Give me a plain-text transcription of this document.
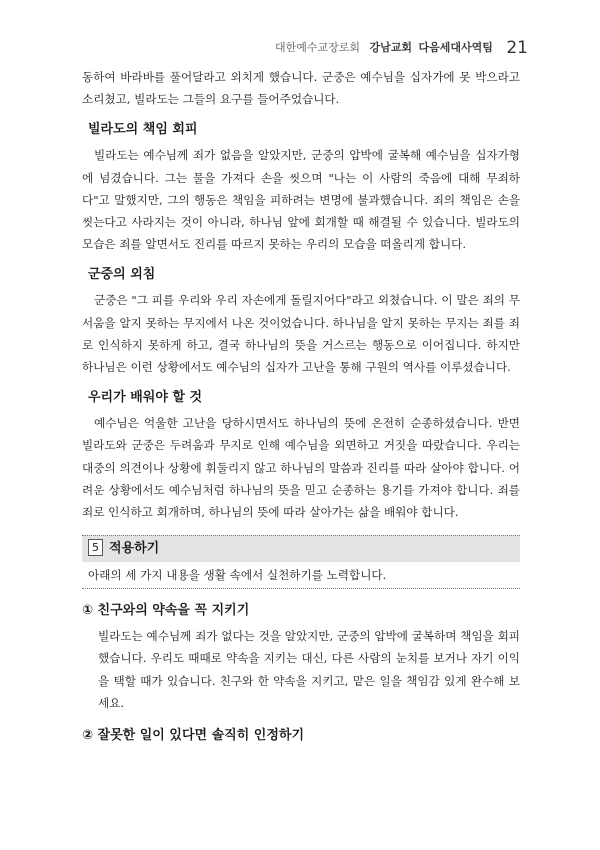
대한예수교장로회 강남교회 다음세대사역팀 21

동하여 바라바를 풀어달라고 외치게 했습니다. 군중은 예수님을 십자가에 못 박으라고 소리쳤고, 빌라도는 그들의 요구를 들어주었습니다.

빌라도의 책임 회피

빌라도는 예수님께 죄가 없음을 알았지만, 군중의 압박에 굴복해 예수님을 십자가형에 넘겼습니다. 그는 물을 가져다 손을 씻으며 "나는 이 사람의 죽음에 대해 무죄하다"고 말했지만, 그의 행동은 책임을 피하려는 변명에 불과했습니다. 죄의 책임은 손을 씻는다고 사라지는 것이 아니라, 하나님 앞에 회개할 때 해결될 수 있습니다. 빌라도의 모습은 죄를 알면서도 진리를 따르지 못하는 우리의 모습을 떠올리게 합니다.

군중의 외침

군중은 "그 피를 우리와 우리 자손에게 돌릴지어다"라고 외쳤습니다. 이 말은 죄의 무서움을 알지 못하는 무지에서 나온 것이었습니다. 하나님을 알지 못하는 무지는 죄를 죄로 인식하지 못하게 하고, 결국 하나님의 뜻을 거스르는 행동으로 이어집니다. 하지만 하나님은 이런 상황에서도 예수님의 십자가 고난을 통해 구원의 역사를 이루셨습니다.

우리가 배워야 할 것

예수님은 억울한 고난을 당하시면서도 하나님의 뜻에 온전히 순종하셨습니다. 반면 빌라도와 군중은 두려움과 무지로 인해 예수님을 외면하고 거짓을 따랐습니다. 우리는 대중의 의견이나 상황에 휘둘리지 않고 하나님의 말씀과 진리를 따라 살아야 합니다. 어려운 상황에서도 예수님처럼 하나님의 뜻을 믿고 순종하는 용기를 가져야 합니다. 죄를 죄로 인식하고 회개하며, 하나님의 뜻에 따라 살아가는 삶을 배워야 합니다.

5 적용하기
아래의 세 가지 내용을 생활 속에서 실천하기를 노력합니다.
① 친구와의 약속을 꼭 지키기

빌라도는 예수님께 죄가 없다는 것을 알았지만, 군중의 압박에 굴복하며 책임을 회피했습니다. 우리도 때때로 약속을 지키는 대신, 다른 사람의 눈치를 보거나 자기 이익을 택할 때가 있습니다. 친구와 한 약속을 지키고, 맡은 일을 책임감 있게 완수해 보세요.

② 잘못한 일이 있다면 솔직히 인정하기
